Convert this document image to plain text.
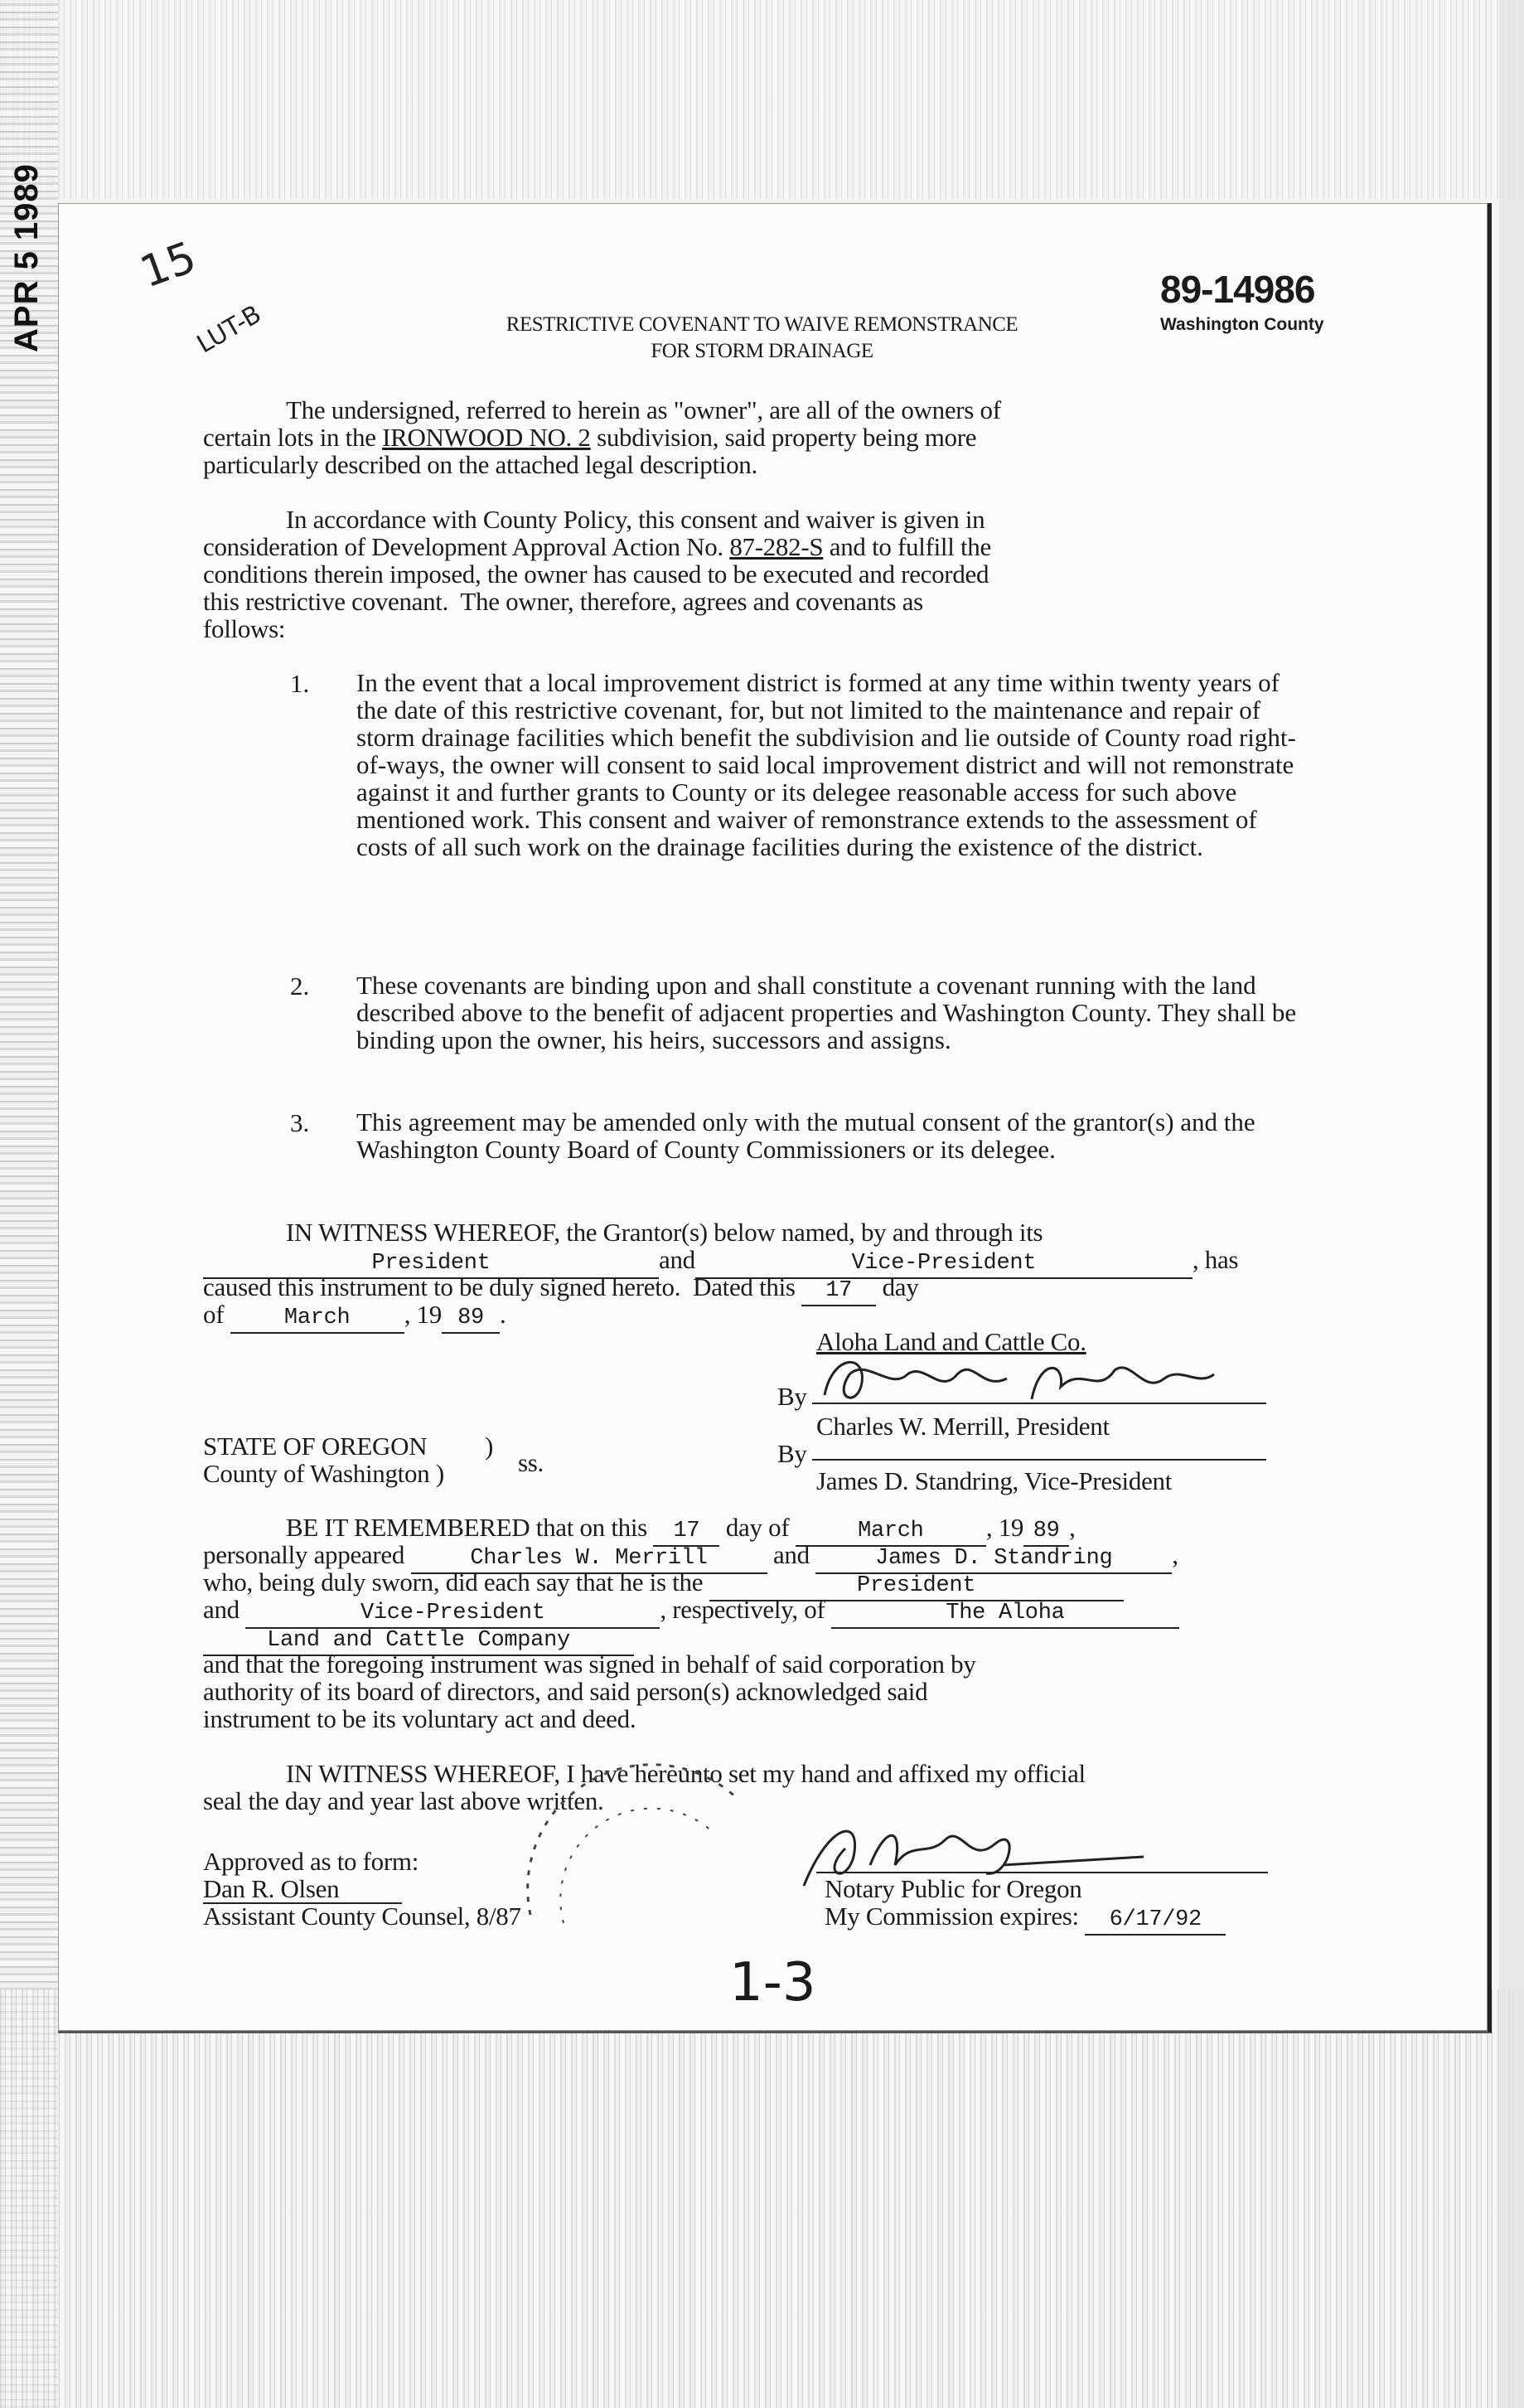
APR 5 1989 15
LUT-B
89-14986
Washington County
RESTRICTIVE COVENANT TO WAIVE REMONSTRANCE
FOR STORM DRAINAGE
The undersigned, referred to herein as "owner", are all of the owners of
certain lots in the IRONWOOD NO. 2 subdivision, said property being more
particularly described on the attached legal description.
In accordance with County Policy, this consent and waiver is given in
consideration of Development Approval Action No. 87-282-S and to fulfill the
conditions therein imposed, the owner has caused to be executed and recorded
this restrictive covenant.  The owner, therefore, agrees and covenants as
follows:
1. In the event that a local improvement district is formed at any time within twenty years of the date of this restrictive covenant, for, but not limited to the maintenance and repair of storm drainage facilities which benefit the subdivision and lie outside of County road right-of-ways, the owner will consent to said local improvement district and will not remonstrate against it and further grants to County or its delegee reasonable access for such above mentioned work. This consent and waiver of remonstrance extends to the assessment of costs of all such work on the drainage facilities during the existence of the district.
2. These covenants are binding upon and shall constitute a covenant running with the land described above to the benefit of adjacent properties and Washington County. They shall be binding upon the owner, his heirs, successors and assigns.
3. This agreement may be amended only with the mutual consent of the grantor(s) and the Washington County Board of County Commissioners or its delegee.
IN WITNESS WHEREOF, the Grantor(s) below named, by and through its
President	and	Vice-President	, has
caused this instrument to be duly signed hereto.  Dated this 17 day
of	March , 19 89 .
Aloha Land and Cattle Co.
By
Charles W. Merrill, President
By
James D. Standring, Vice-President
STATE OF OREGON )
County of Washington )	ss.
BE IT REMEMBERED that on this 17 day of	March , 19 89 ,
personally appeared	Charles W. Merrill and	James D. Standring ,
who, being duly sworn, did each say that he is the	President
and	Vice-President	, respectively, of	The Aloha
Land and Cattle Company
and that the foregoing instrument was signed in behalf of said corporation by
authority of its board of directors, and said person(s) acknowledged said
instrument to be its voluntary act and deed.
IN WITNESS WHEREOF, I have hereunto set my hand and affixed my official
seal the day and year last above written.
Notary Public for Oregon
My Commission expires: 6/17/92
Approved as to form:
Dan R. Olsen
Assistant County Counsel, 8/87
1-3
